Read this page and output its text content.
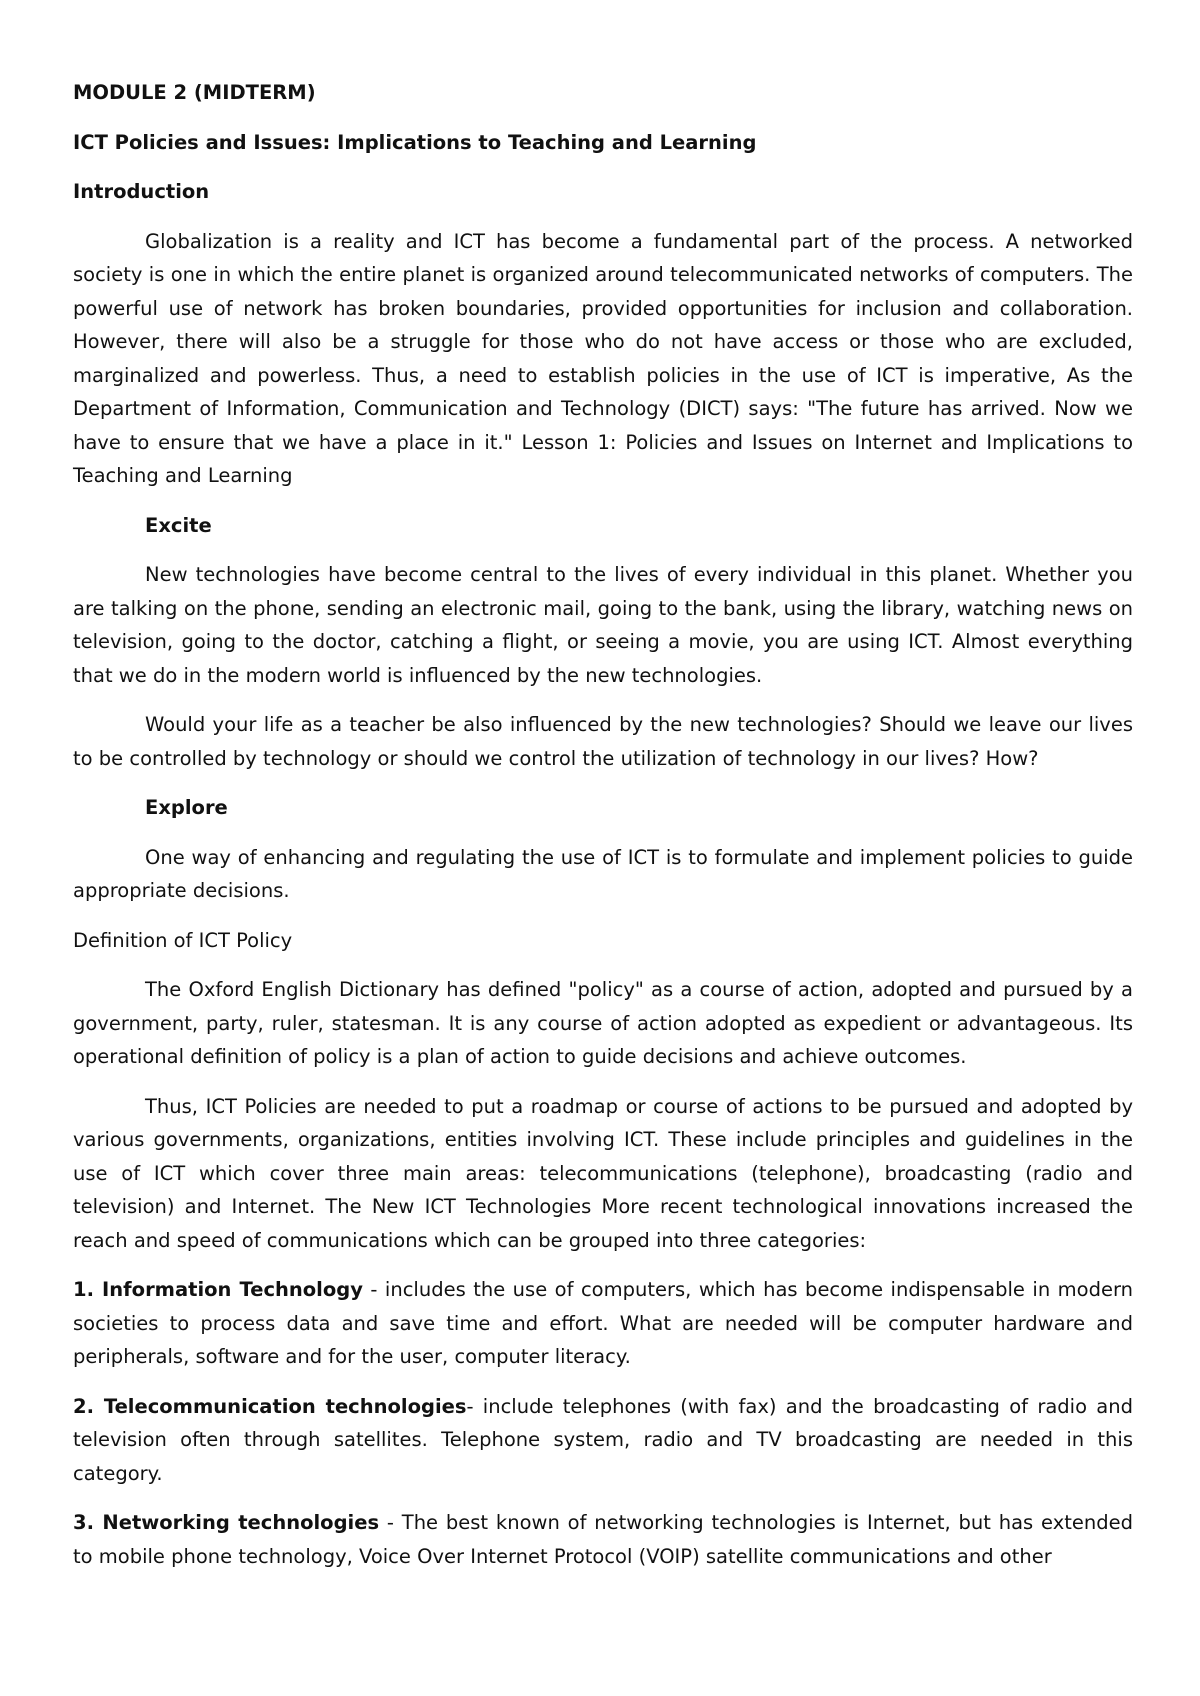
MODULE 2 (MIDTERM)
ICT Policies and Issues: Implications to Teaching and Learning
Introduction

Globalization is a reality and ICT has become a fundamental part of the process. A networked society is one in which the entire planet is organized around telecommunicated networks of computers. The powerful use of network has broken boundaries, provided opportunities for inclusion and collaboration. However, there will also be a struggle for those who do not have access or those who are excluded, marginalized and powerless. Thus, a need to establish policies in the use of ICT is imperative, As the Department of Information, Communication and Technology (DICT) says: "The future has arrived. Now we have to ensure that we have a place in it." Lesson 1: Policies and Issues on Internet and Implications to Teaching and Learning

Excite

New technologies have become central to the lives of every individual in this planet. Whether you are talking on the phone, sending an electronic mail, going to the bank, using the library, watching news on television, going to the doctor, catching a flight, or seeing a movie, you are using ICT. Almost everything that we do in the modern world is influenced by the new technologies.

Would your life as a teacher be also influenced by the new technologies? Should we leave our lives to be controlled by technology or should we control the utilization of technology in our lives? How?

Explore

One way of enhancing and regulating the use of ICT is to formulate and implement policies to guide appropriate decisions.

Definition of ICT Policy

The Oxford English Dictionary has defined "policy" as a course of action, adopted and pursued by a government, party, ruler, statesman. It is any course of action adopted as expedient or advantageous. Its operational definition of policy is a plan of action to guide decisions and achieve outcomes.

Thus, ICT Policies are needed to put a roadmap or course of actions to be pursued and adopted by various governments, organizations, entities involving ICT. These include principles and guidelines in the use of ICT which cover three main areas: telecommunications (telephone), broadcasting (radio and television) and Internet. The New ICT Technologies More recent technological innovations increased the reach and speed of communications which can be grouped into three categories:

1. Information Technology - includes the use of computers, which has become indispensable in modern societies to process data and save time and effort. What are needed will be computer hardware and peripherals, software and for the user, computer literacy.

2. Telecommunication technologies- include telephones (with fax) and the broadcasting of radio and television often through satellites. Telephone system, radio and TV broadcasting are needed in this category.

3. Networking technologies - The best known of networking technologies is Internet, but has extended to mobile phone technology, Voice Over Internet Protocol (VOIP) satellite communications and other
